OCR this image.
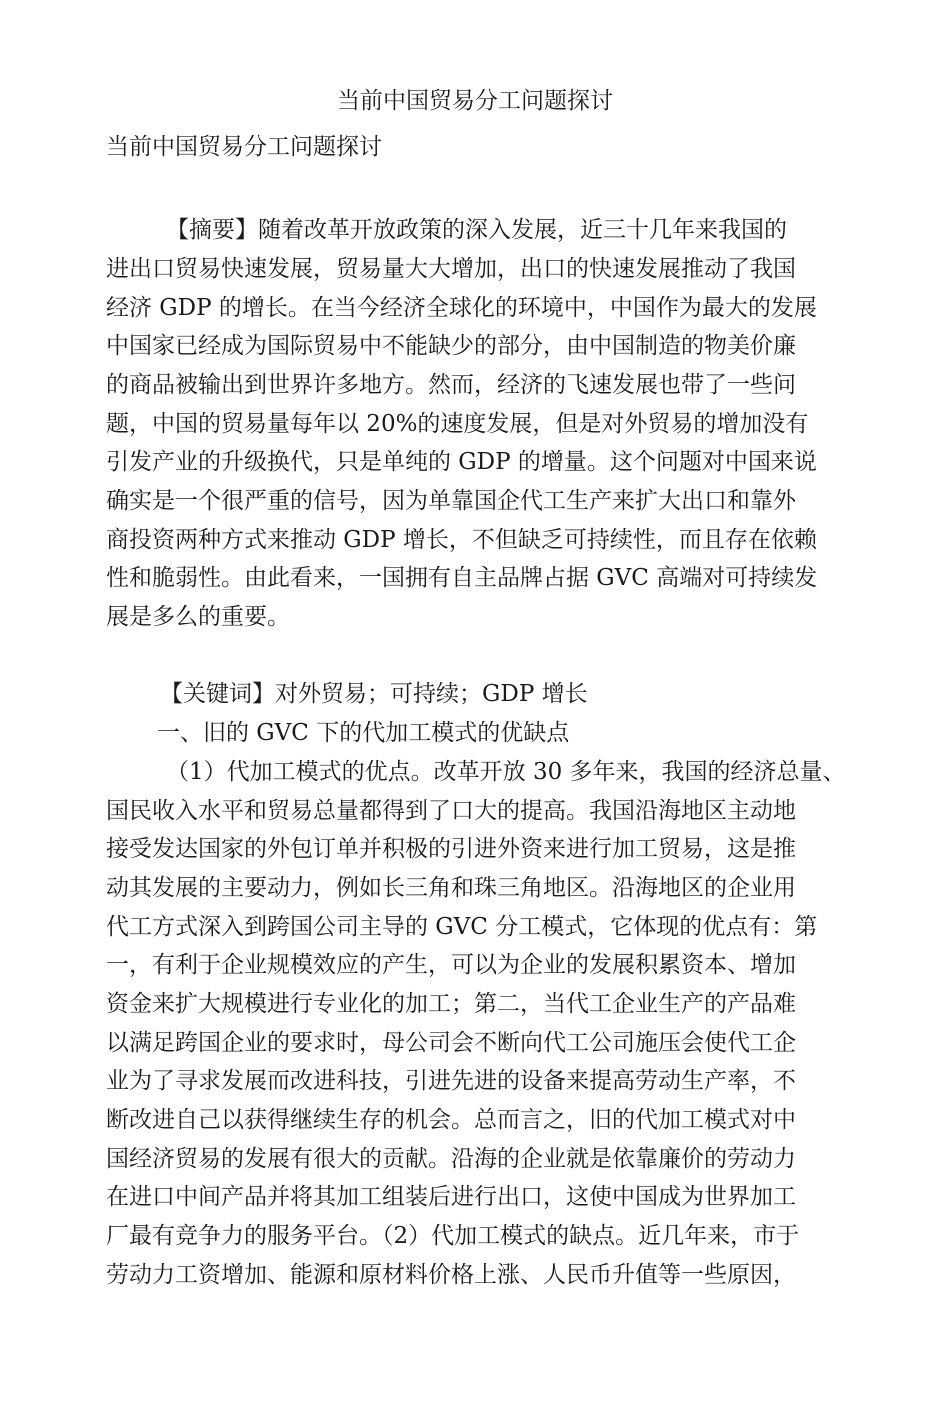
当前中国贸易分工问题探讨
当前中国贸易分工问题探讨
【摘要】随着改革开放政策的深入发展，近三十几年来我国的
进出口贸易快速发展，贸易量大大增加，出口的快速发展推动了我国
经济 GDP 的增长。在当今经济全球化的环境中，中国作为最大的发展
中国家已经成为国际贸易中不能缺少的部分，由中国制造的物美价廉
的商品被输出到世界许多地方。然而，经济的飞速发展也带了一些问
题，中国的贸易量每年以 20%的速度发展，但是对外贸易的增加没有
引发产业的升级换代，只是单纯的 GDP 的增量。这个问题对中国来说
确实是一个很严重的信号，因为单靠国企代工生产来扩大出口和靠外
商投资两种方式来推动 GDP 增长，不但缺乏可持续性，而且存在依赖
性和脆弱性。由此看来，一国拥有自主品牌占据 GVC 高端对可持续发
展是多么的重要。
【关键词】对外贸易；可持续；GDP 增长
一、旧的 GVC 下的代加工模式的优缺点
（1）代加工模式的优点。改革开放 30 多年来，我国的经济总量、
国民收入水平和贸易总量都得到了口大的提高。我国沿海地区主动地
接受发达国家的外包订单并积极的引进外资来进行加工贸易，这是推
动其发展的主要动力，例如长三角和珠三角地区。沿海地区的企业用
代工方式深入到跨国公司主导的 GVC 分工模式，它体现的优点有：第
一，有利于企业规模效应的产生，可以为企业的发展积累资本、增加
资金来扩大规模进行专业化的加工；第二，当代工企业生产的产品难
以满足跨国企业的要求时，母公司会不断向代工公司施压会使代工企
业为了寻求发展而改进科技，引进先进的设备来提高劳动生产率，不
断改进自己以获得继续生存的机会。总而言之，旧的代加工模式对中
国经济贸易的发展有很大的贡献。沿海的企业就是依靠廉价的劳动力
在进口中间产品并将其加工组装后进行出口，这使中国成为世界加工
厂最有竞争力的服务平台。（2）代加工模式的缺点。近几年来，市于
劳动力工资增加、能源和原材料价格上涨、人民币升值等一些原因，
